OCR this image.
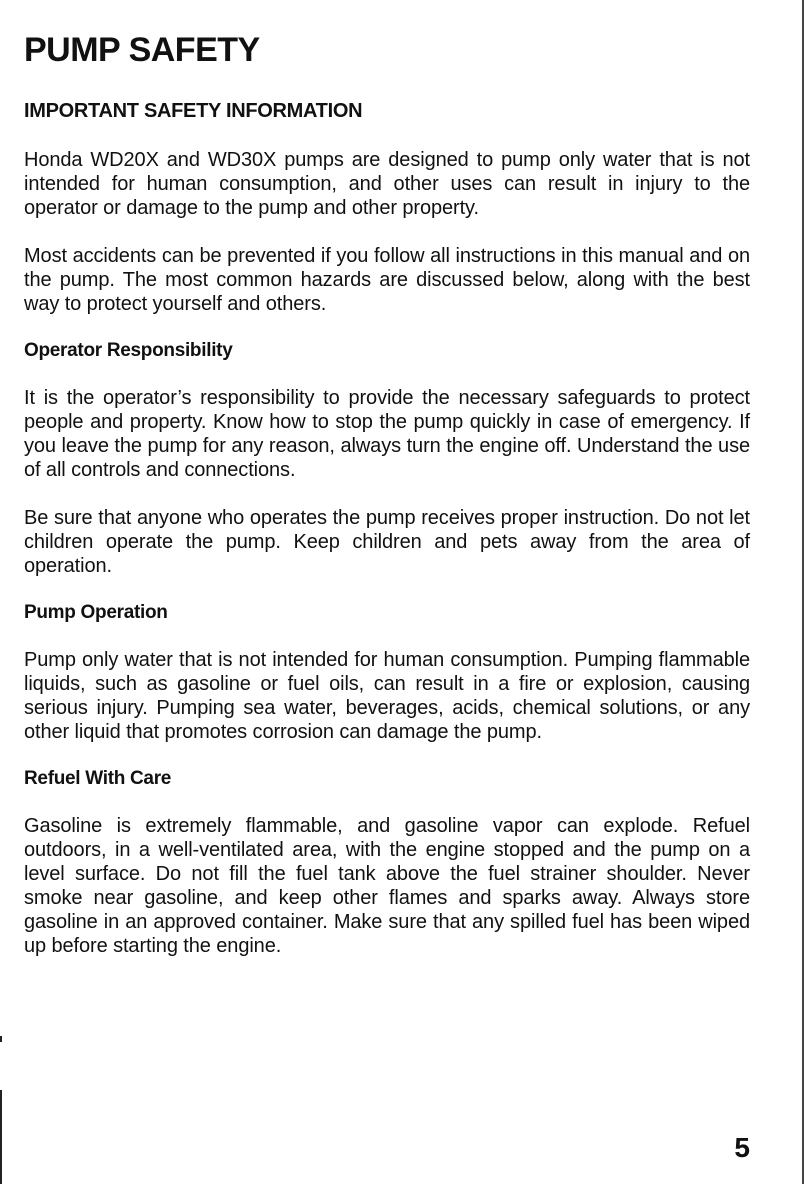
PUMP SAFETY
IMPORTANT SAFETY INFORMATION

Honda WD20X and WD30X pumps are designed to pump only water that is not intended for human consumption, and other uses can result in injury to the operator or damage to the pump and other property.

Most accidents can be prevented if you follow all instructions in this manual and on the pump. The most common hazards are discussed below, along with the best way to protect yourself and others.

Operator Responsibility

It is the operator’s responsibility to provide the necessary safeguards to protect people and property. Know how to stop the pump quickly in case of emergency. If you leave the pump for any reason, always turn the engine off. Understand the use of all controls and connections.

Be sure that anyone who operates the pump receives proper instruction. Do not let children operate the pump. Keep children and pets away from the area of operation.

Pump Operation

Pump only water that is not intended for human consumption. Pumping flammable liquids, such as gasoline or fuel oils, can result in a fire or explosion, causing serious injury. Pumping sea water, beverages, acids, chemical solutions, or any other liquid that promotes corrosion can damage the pump.

Refuel With Care

Gasoline is extremely flammable, and gasoline vapor can explode. Refuel outdoors, in a well-ventilated area, with the engine stopped and the pump on a level surface. Do not fill the fuel tank above the fuel strainer shoulder. Never smoke near gasoline, and keep other flames and sparks away. Always store gasoline in an approved container. Make sure that any spilled fuel has been wiped up before starting the engine.

5
